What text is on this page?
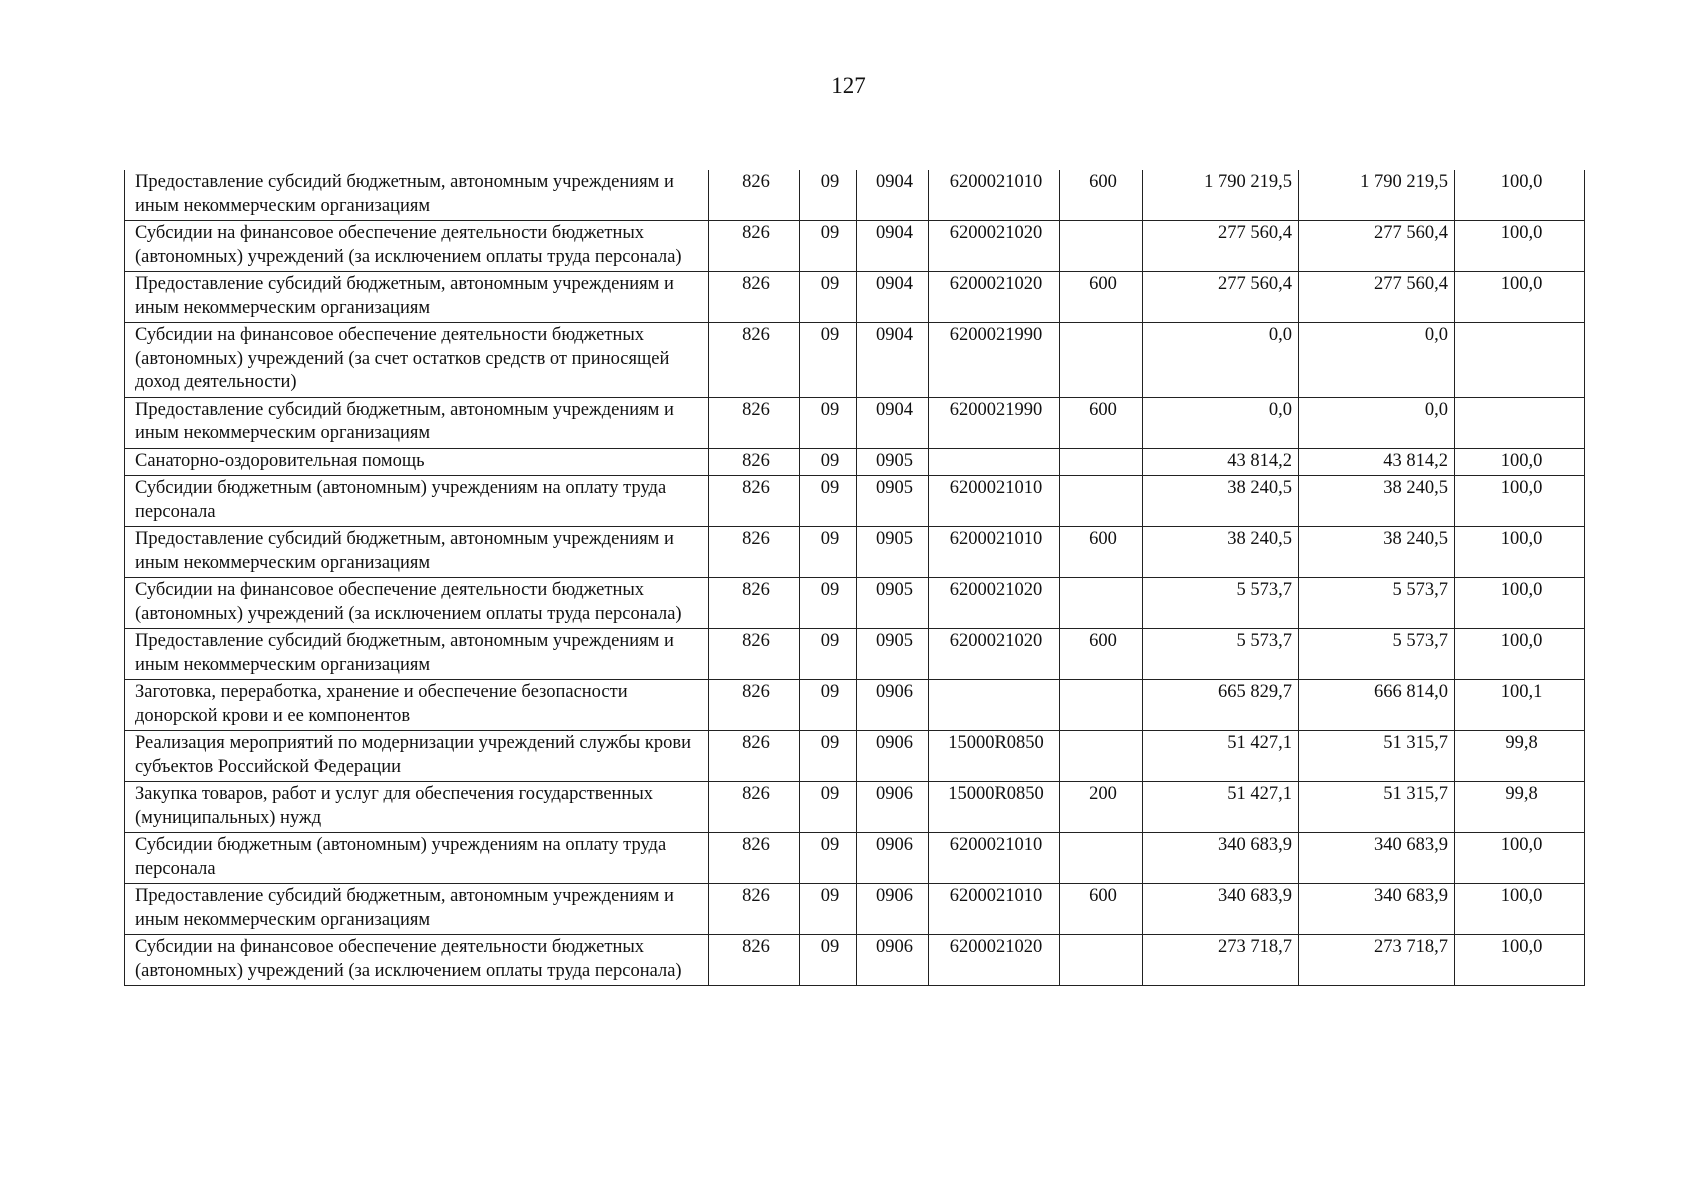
127
Предоставление субсидий бюджетным, автономным учреждениям и иным некоммерческим организациям	826	09	0904	6200021010	600	1 790 219,5	1 790 219,5	100,0
Субсидии на финансовое обеспечение деятельности бюджетных (автономных) учреждений (за исключением оплаты труда персонала)	826	09	0904	6200021020		277 560,4	277 560,4	100,0
Предоставление субсидий бюджетным, автономным учреждениям и иным некоммерческим организациям	826	09	0904	6200021020	600	277 560,4	277 560,4	100,0
Субсидии на финансовое обеспечение деятельности бюджетных (автономных) учреждений (за счет остатков средств от приносящей доход деятельности)	826	09	0904	6200021990		0,0	0,0	
Предоставление субсидий бюджетным, автономным учреждениям и иным некоммерческим организациям	826	09	0904	6200021990	600	0,0	0,0	
Санаторно-оздоровительная помощь	826	09	0905			43 814,2	43 814,2	100,0
Субсидии бюджетным (автономным) учреждениям на оплату труда персонала	826	09	0905	6200021010		38 240,5	38 240,5	100,0
Предоставление субсидий бюджетным, автономным учреждениям и иным некоммерческим организациям	826	09	0905	6200021010	600	38 240,5	38 240,5	100,0
Субсидии на финансовое обеспечение деятельности бюджетных (автономных) учреждений (за исключением оплаты труда персонала)	826	09	0905	6200021020		5 573,7	5 573,7	100,0
Предоставление субсидий бюджетным, автономным учреждениям и иным некоммерческим организациям	826	09	0905	6200021020	600	5 573,7	5 573,7	100,0
Заготовка, переработка, хранение и обеспечение безопасности донорской крови и ее компонентов	826	09	0906			665 829,7	666 814,0	100,1
Реализация мероприятий по модернизации учреждений службы крови субъектов Российской Федерации	826	09	0906	15000R0850		51 427,1	51 315,7	99,8
Закупка товаров, работ и услуг для обеспечения государственных (муниципальных) нужд	826	09	0906	15000R0850	200	51 427,1	51 315,7	99,8
Субсидии бюджетным (автономным) учреждениям на оплату труда персонала	826	09	0906	6200021010		340 683,9	340 683,9	100,0
Предоставление субсидий бюджетным, автономным учреждениям и иным некоммерческим организациям	826	09	0906	6200021010	600	340 683,9	340 683,9	100,0
Субсидии на финансовое обеспечение деятельности бюджетных (автономных) учреждений (за исключением оплаты труда персонала)	826	09	0906	6200021020		273 718,7	273 718,7	100,0
